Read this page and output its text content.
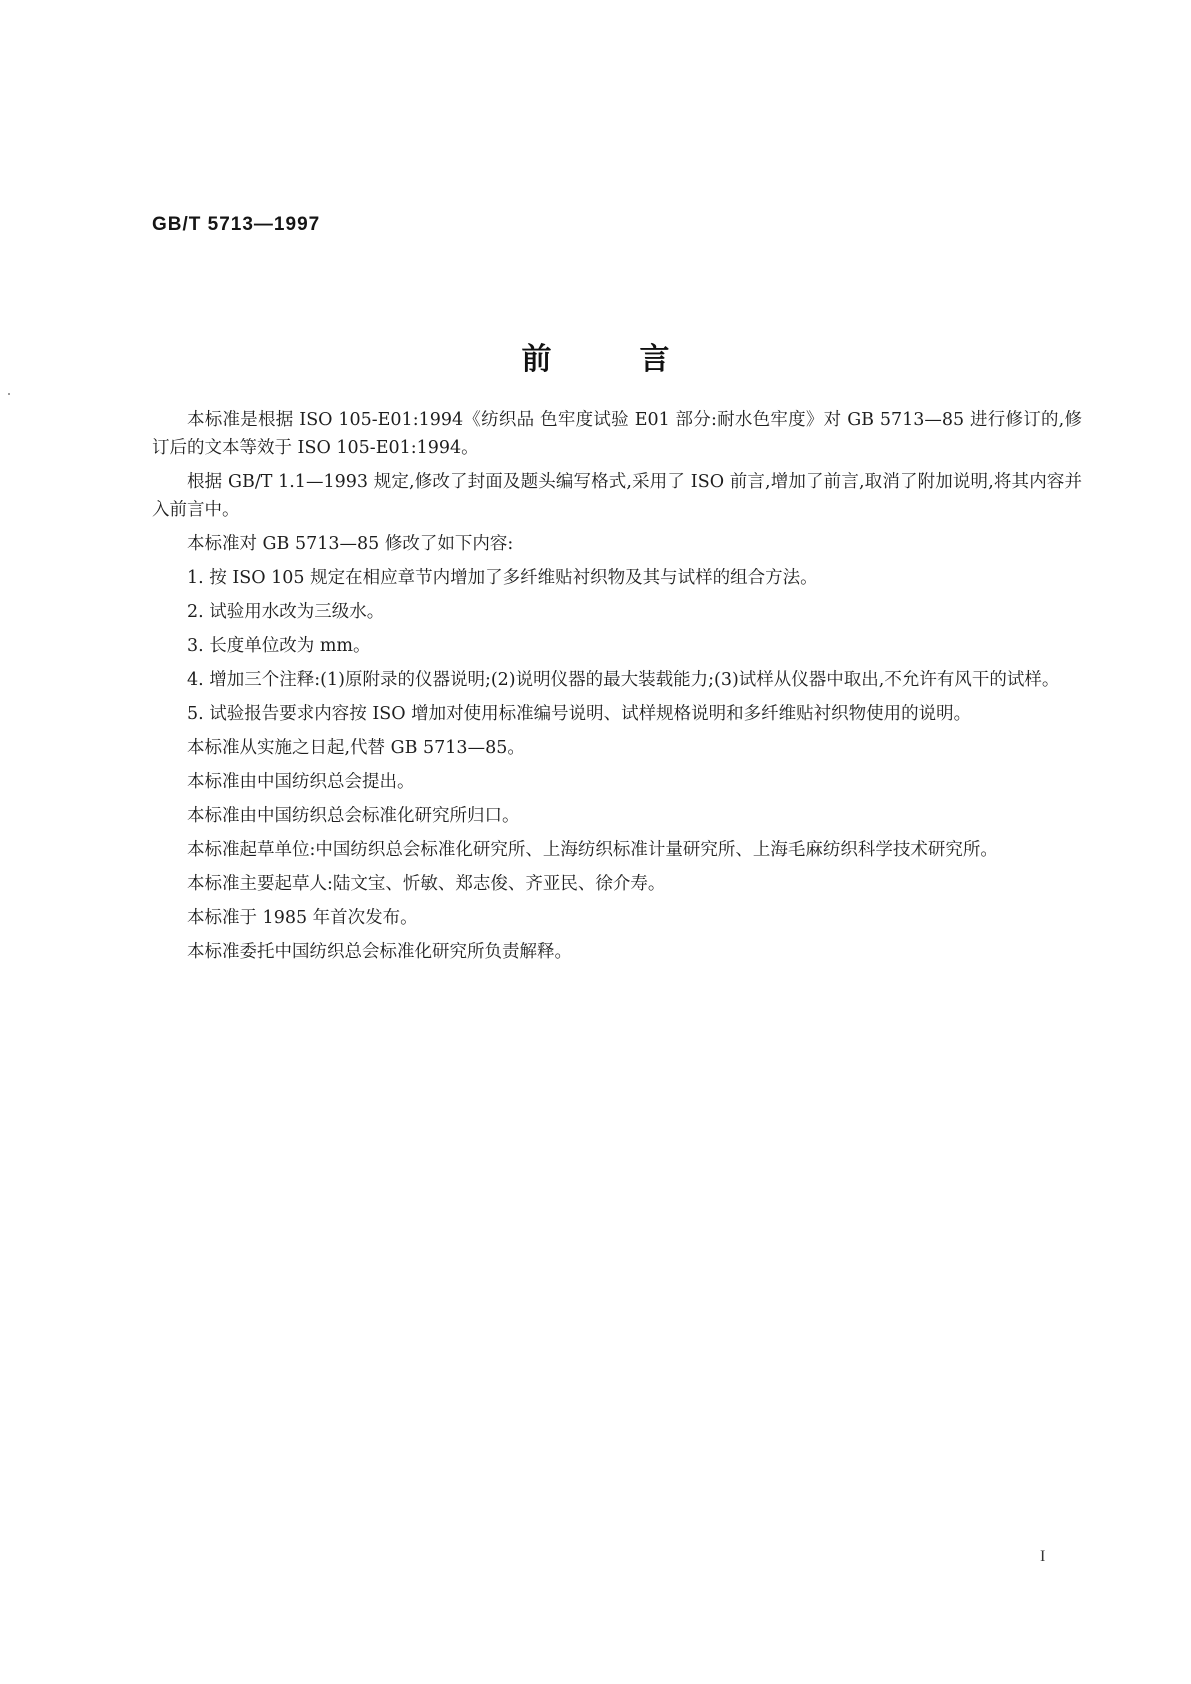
GB/T 5713—1997
前言

本标准是根据 ISO 105-E01:1994《纺织品 色牢度试验 E01 部分:耐水色牢度》对 GB 5713—85 进行修订的,修订后的文本等效于 ISO 105-E01:1994。

根据 GB/T 1.1—1993 规定,修改了封面及题头编写格式,采用了 ISO 前言,增加了前言,取消了附加说明,将其内容并入前言中。

本标准对 GB 5713—85 修改了如下内容:

1. 按 ISO 105 规定在相应章节内增加了多纤维贴衬织物及其与试样的组合方法。

2. 试验用水改为三级水。

3. 长度单位改为 mm。

4. 增加三个注释:(1)原附录的仪器说明;(2)说明仪器的最大装载能力;(3)试样从仪器中取出,不允许有风干的试样。

5. 试验报告要求内容按 ISO 增加对使用标准编号说明、试样规格说明和多纤维贴衬织物使用的说明。

本标准从实施之日起,代替 GB 5713—85。

本标准由中国纺织总会提出。

本标准由中国纺织总会标准化研究所归口。

本标准起草单位:中国纺织总会标准化研究所、上海纺织标准计量研究所、上海毛麻纺织科学技术研究所。

本标准主要起草人:陆文宝、忻敏、郑志俊、齐亚民、徐介寿。

本标准于 1985 年首次发布。

本标准委托中国纺织总会标准化研究所负责解释。

I
